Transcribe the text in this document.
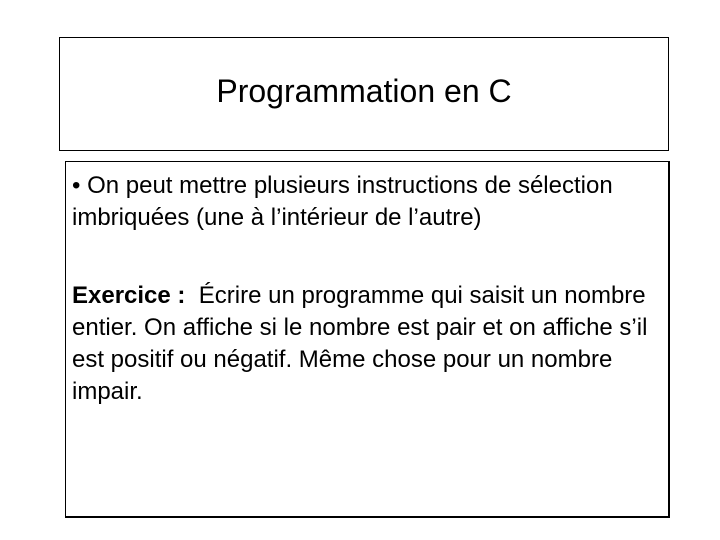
Programmation en C

• On peut mettre plusieurs instructions de sélection imbriquées (une à l’intérieur de l’autre)

Exercice : Écrire un programme qui saisit un nombre entier. On affiche si le nombre est pair et on affiche s’il est positif ou négatif. Même chose pour un nombre impair.
